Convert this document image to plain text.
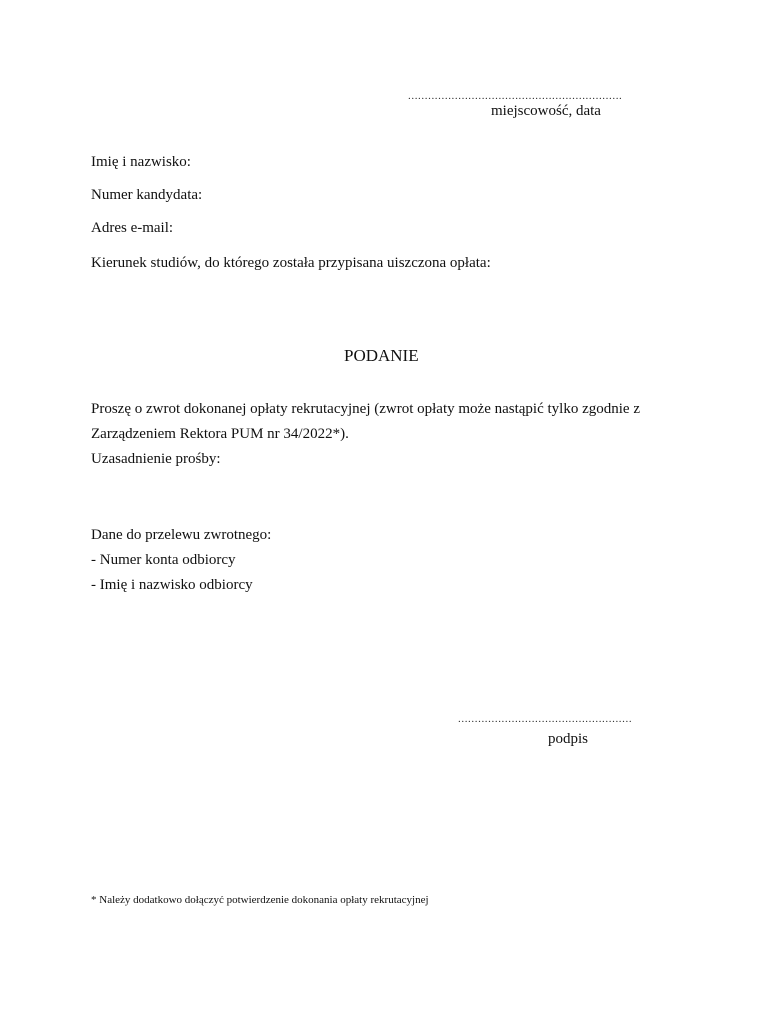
................................................................
miejscowość, data
Imię i nazwisko:
Numer kandydata:
Adres e-mail:
Kierunek studiów, do którego została przypisana uiszczona opłata:
PODANIE
Proszę o zwrot dokonanej opłaty rekrutacyjnej (zwrot opłaty może nastąpić tylko zgodnie z
Zarządzeniem Rektora PUM nr 34/2022*).
Uzasadnienie prośby:
Dane do przelewu zwrotnego:
- Numer konta odbiorcy
- Imię i nazwisko odbiorcy
....................................................
podpis
* Należy dodatkowo dołączyć potwierdzenie dokonania opłaty rekrutacyjnej
